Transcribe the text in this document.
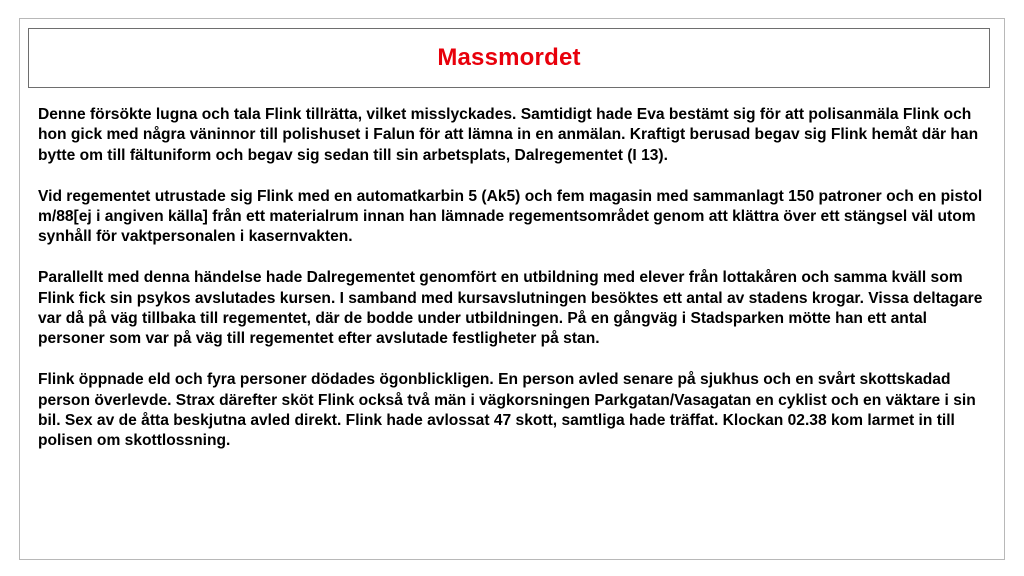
Massmordet

Denne försökte lugna och tala Flink tillrätta, vilket misslyckades. Samtidigt hade Eva bestämt sig för att polisanmäla Flink och hon gick med några väninnor till polishuset i Falun för att lämna in en anmälan. Kraftigt berusad begav sig Flink hemåt där han bytte om till fältuniform och begav sig sedan till sin arbetsplats, Dalregementet (I 13).

Vid regementet utrustade sig Flink med en automatkarbin 5 (Ak5) och fem magasin med sammanlagt 150 patroner och en pistol m/88[ej i angiven källa] från ett materialrum innan han lämnade regementsområdet genom att klättra över ett stängsel väl utom synhåll för vaktpersonalen i kasernvakten.

Parallellt med denna händelse hade Dalregementet genomfört en utbildning med elever från lottakåren och samma kväll som Flink fick sin psykos avslutades kursen. I samband med kursavslutningen besöktes ett antal av stadens krogar. Vissa deltagare var då på väg tillbaka till regementet, där de bodde under utbildningen. På en gångväg i Stadsparken mötte han ett antal personer som var på väg till regementet efter avslutade festligheter på stan.

Flink öppnade eld och fyra personer dödades ögonblickligen. En person avled senare på sjukhus och en svårt skottskadad person överlevde. Strax därefter sköt Flink också två män i vägkorsningen Parkgatan/Vasagatan en cyklist och en väktare i sin bil. Sex av de åtta beskjutna avled direkt. Flink hade avlossat 47 skott, samtliga hade träffat. Klockan 02.38 kom larmet in till polisen om skottlossning.
